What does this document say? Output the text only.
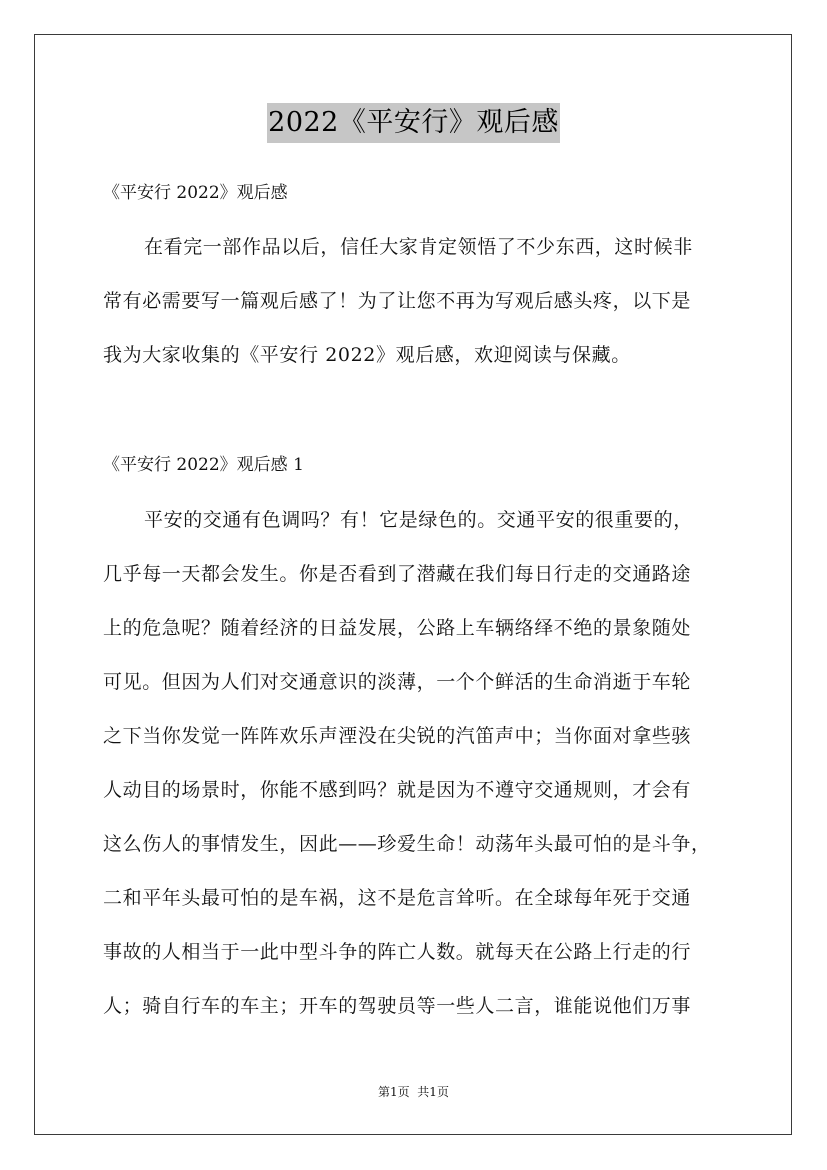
2022《平安行》观后感
《平安行 2022》观后感
在看完一部作品以后，信任大家肯定领悟了不少东西，这时候非
常有必需要写一篇观后感了！为了让您不再为写观后感头疼，以下是
我为大家收集的《平安行 2022》观后感，欢迎阅读与保藏。
《平安行 2022》观后感 1
平安的交通有色调吗？有！它是绿色的。交通平安的很重要的，
几乎每一天都会发生。你是否看到了潜藏在我们每日行走的交通路途
上的危急呢？随着经济的日益发展，公路上车辆络绎不绝的景象随处
可见。但因为人们对交通意识的淡薄，一个个鲜活的生命消逝于车轮
之下当你发觉一阵阵欢乐声湮没在尖锐的汽笛声中；当你面对拿些骇
人动目的场景时，你能不感到吗？就是因为不遵守交通规则，才会有
这么伤人的事情发生，因此——珍爱生命！动荡年头最可怕的是斗争，
二和平年头最可怕的是车祸，这不是危言耸听。在全球每年死于交通
事故的人相当于一此中型斗争的阵亡人数。就每天在公路上行走的行
人；骑自行车的车主；开车的驾驶员等一些人二言，谁能说他们万事
第1页  共1页
